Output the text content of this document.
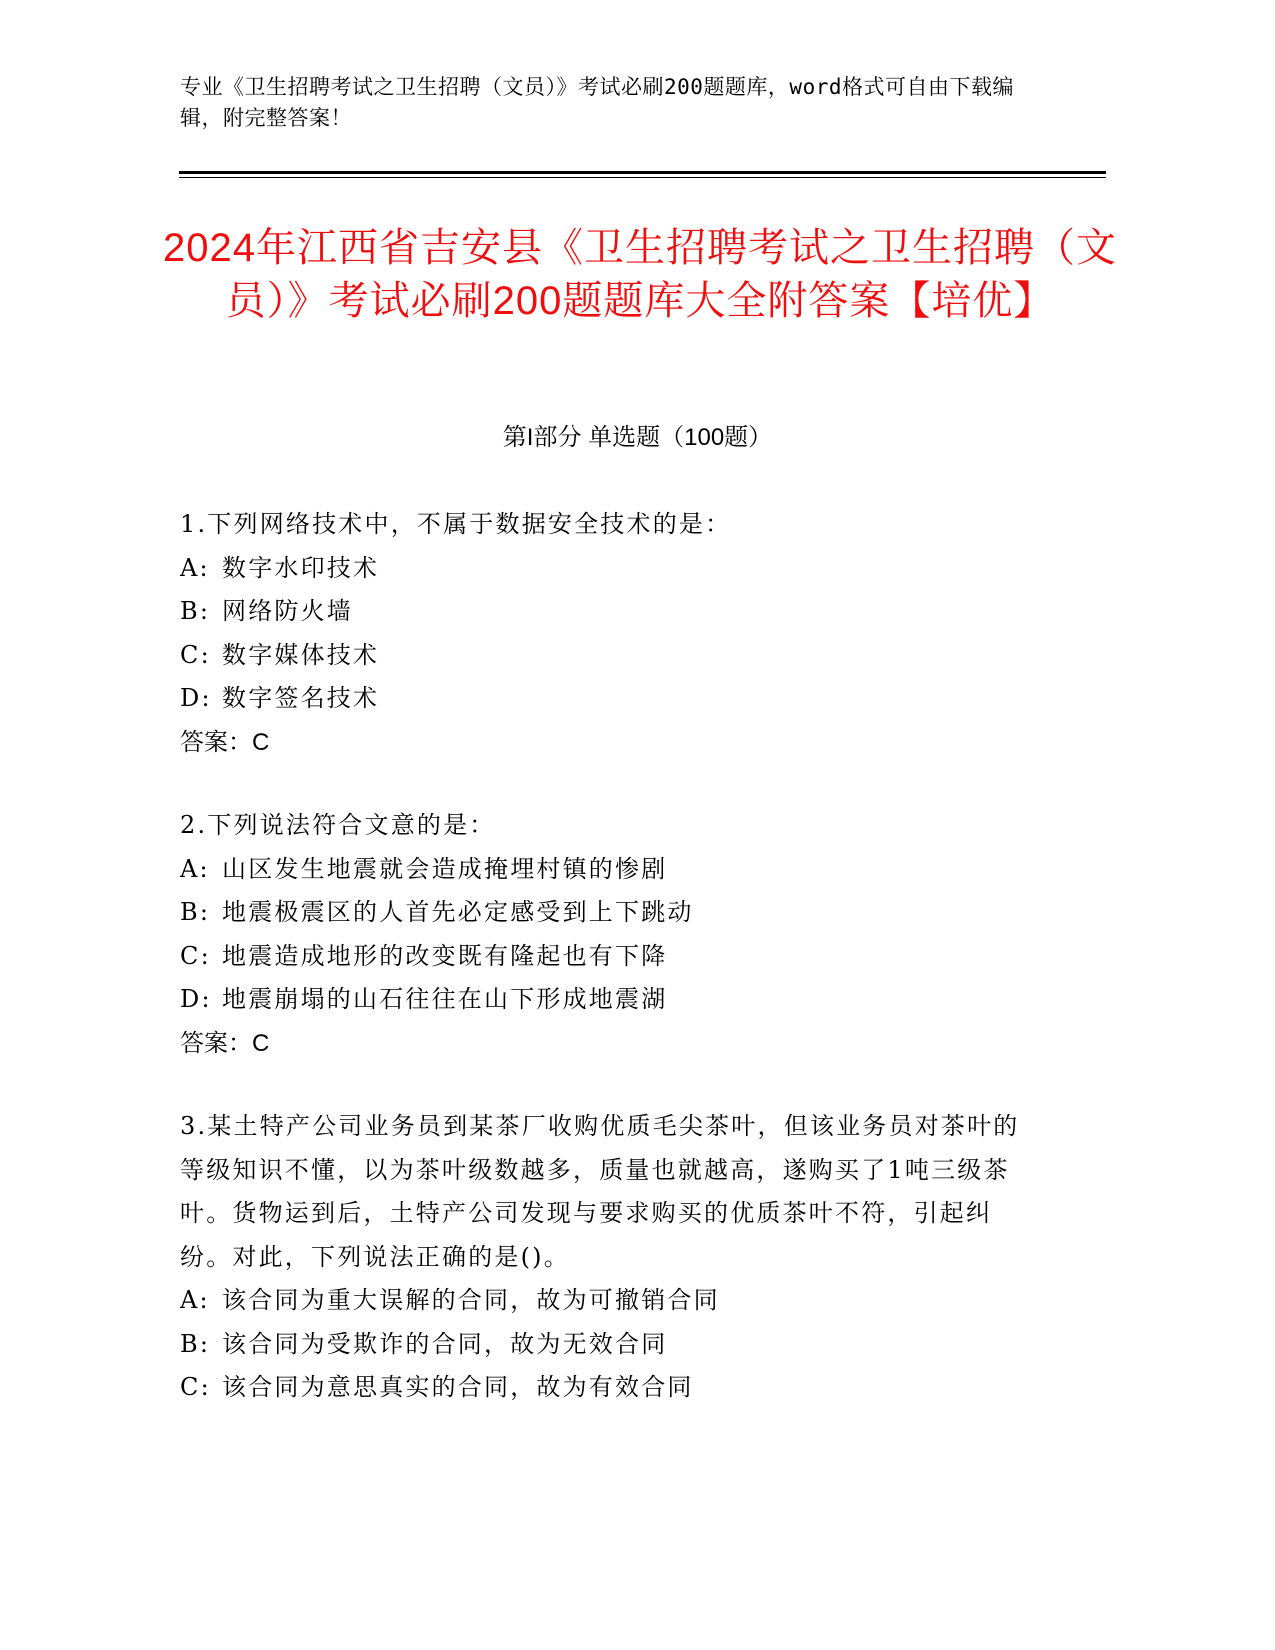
专业《卫生招聘考试之卫生招聘（文员）》考试必刷200题题库，word格式可自由下载编辑，附完整答案！
2024年江西省吉安县《卫生招聘考试之卫生招聘（文员）》考试必刷200题题库大全附答案【培优】
第I部分 单选题（100题）
1.下列网络技术中，不属于数据安全技术的是：
A: 数字水印技术
B: 网络防火墙
C: 数字媒体技术
D: 数字签名技术
答案：C
2.下列说法符合文意的是：
A: 山区发生地震就会造成掩埋村镇的惨剧
B: 地震极震区的人首先必定感受到上下跳动
C: 地震造成地形的改变既有隆起也有下降
D: 地震崩塌的山石往往在山下形成地震湖
答案：C
3.某土特产公司业务员到某茶厂收购优质毛尖茶叶，但该业务员对茶叶的等级知识不懂，以为茶叶级数越多，质量也就越高，遂购买了1吨三级茶叶。货物运到后，土特产公司发现与要求购买的优质茶叶不符，引起纠纷。对此，下列说法正确的是()。
A: 该合同为重大误解的合同，故为可撤销合同
B: 该合同为受欺诈的合同，故为无效合同
C: 该合同为意思真实的合同，故为有效合同
